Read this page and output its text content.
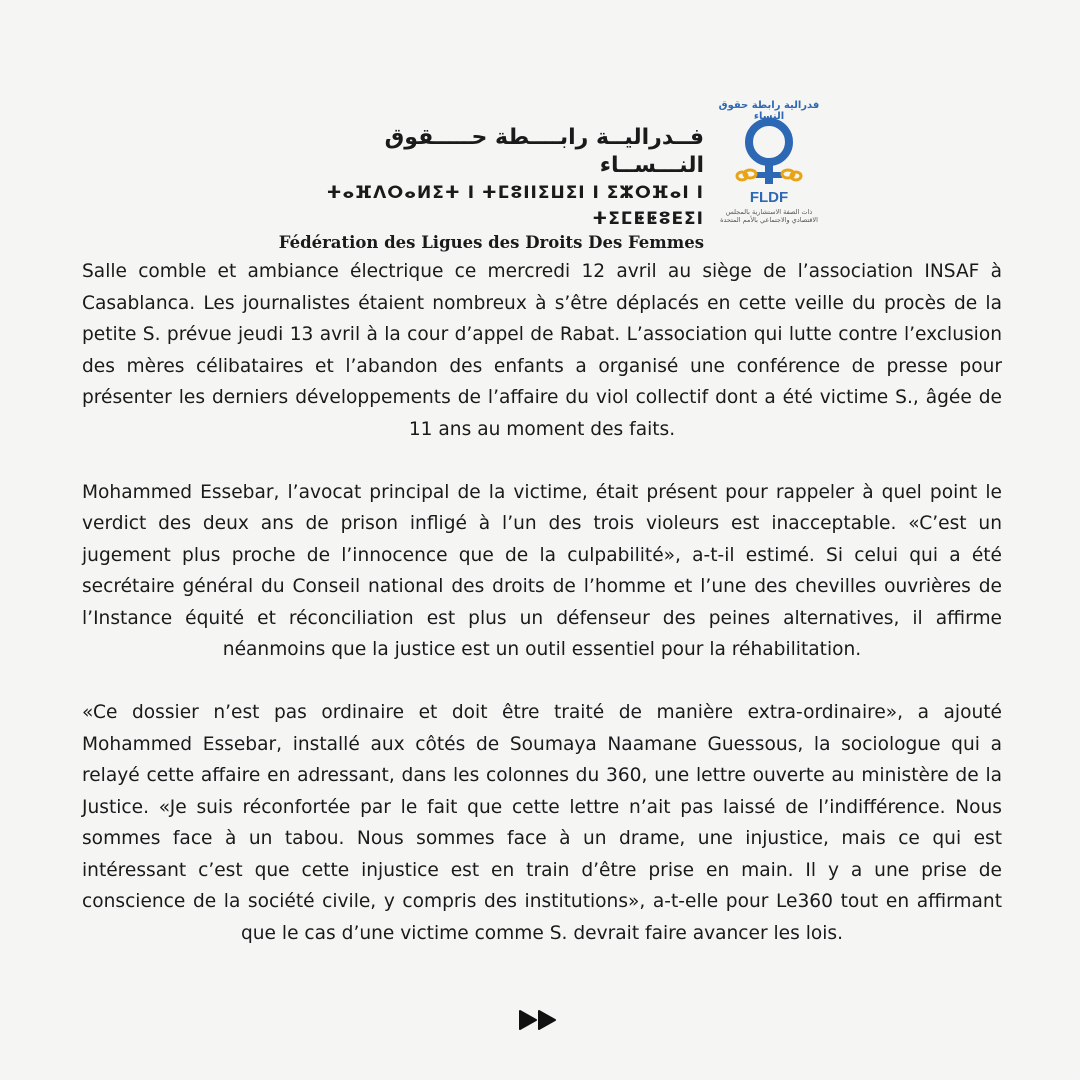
فــدراليــة رابــــطة حـــــقوق النـــســاء
ⵜⴰⴼⴷⵔⴰⵍⵉⵜ ⵏ ⵜⵎⵓⵏⵏⵉⵡⵉⵏ ⵏ ⵉⵣⵔⴼⴰⵏ ⵏ ⵜⵉⵎⵟⵟⵓⴹⵉⵏ
Fédération des Ligues des Droits Des Femmes
فدرالية رابطة حقوق النساء
FLDF
ذات الصفة الاستشارية بالمجلس الاقتصادي والاجتماعي بالأمم المتحدة

Salle comble et ambiance électrique ce mercredi 12 avril au siège de l’association INSAF à Casablanca. Les journalistes étaient nombreux à s’être déplacés en cette veille du procès de la petite S. prévue jeudi 13 avril à la cour d’appel de Rabat. L’association qui lutte contre l’exclusion des mères célibataires et l’abandon des enfants a organisé une conférence de presse pour présenter les derniers développements de l’affaire du viol collectif dont a été victime S., âgée de 11 ans au moment des faits.

Mohammed Essebar, l’avocat principal de la victime, était présent pour rappeler à quel point le verdict des deux ans de prison infligé à l’un des trois violeurs est inacceptable. «C’est un jugement plus proche de l’innocence que de la culpabilité», a-t-il estimé. Si celui qui a été secrétaire général du Conseil national des droits de l’homme et l’une des chevilles ouvrières de l’Instance équité et réconciliation est plus un défenseur des peines alternatives, il affirme néanmoins que la justice est un outil essentiel pour la réhabilitation.

«Ce dossier n’est pas ordinaire et doit être traité de manière extra-ordinaire», a ajouté Mohammed Essebar, installé aux côtés de Soumaya Naamane Guessous, la sociologue qui a relayé cette affaire en adressant, dans les colonnes du 360, une lettre ouverte au ministère de la Justice. «Je suis réconfortée par le fait que cette lettre n’ait pas laissé de l’indifférence. Nous sommes face à un tabou. Nous sommes face à un drame, une injustice, mais ce qui est intéressant c’est que cette injustice est en train d’être prise en main. Il y a une prise de conscience de la société civile, y compris des institutions», a-t-elle pour Le360 tout en affirmant que le cas d’une victime comme S. devrait faire avancer les lois.
